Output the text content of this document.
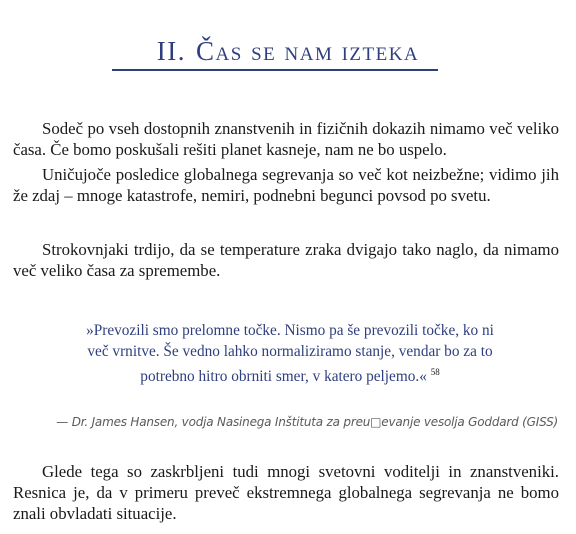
II. Čas se nam izteka

Sodeč po vseh dostopnih znanstvenih in fizičnih dokazih nimamo več veliko časa. Če bomo poskušali rešiti planet kasneje, nam ne bo uspelo.

Uničujoče posledice globalnega segrevanja so več kot neizbežne; vidimo jih že zdaj – mnoge katastrofe, nemiri, podnebni begunci povsod po svetu.

Strokovnjaki trdijo, da se temperature zraka dvigajo tako naglo, da nimamo več veliko časa za spremembe.

»Prevozili smo prelomne točke. Nismo pa še prevozili točke, ko ni več vrnitve. Še vedno lahko normaliziramo stanje, vendar bo za to potrebno hitro obrniti smer, v katero peljemo.« $^{58}$
— Dr. James Hansen, vodja Nasinega Inštituta za preu□evanje vesolja Goddard (GISS)

Glede tega so zaskrbljeni tudi mnogi svetovni voditelji in znanstveniki. Resnica je, da v primeru preveč ekstremnega globalnega segrevanja ne bomo znali obvladati situacije.
